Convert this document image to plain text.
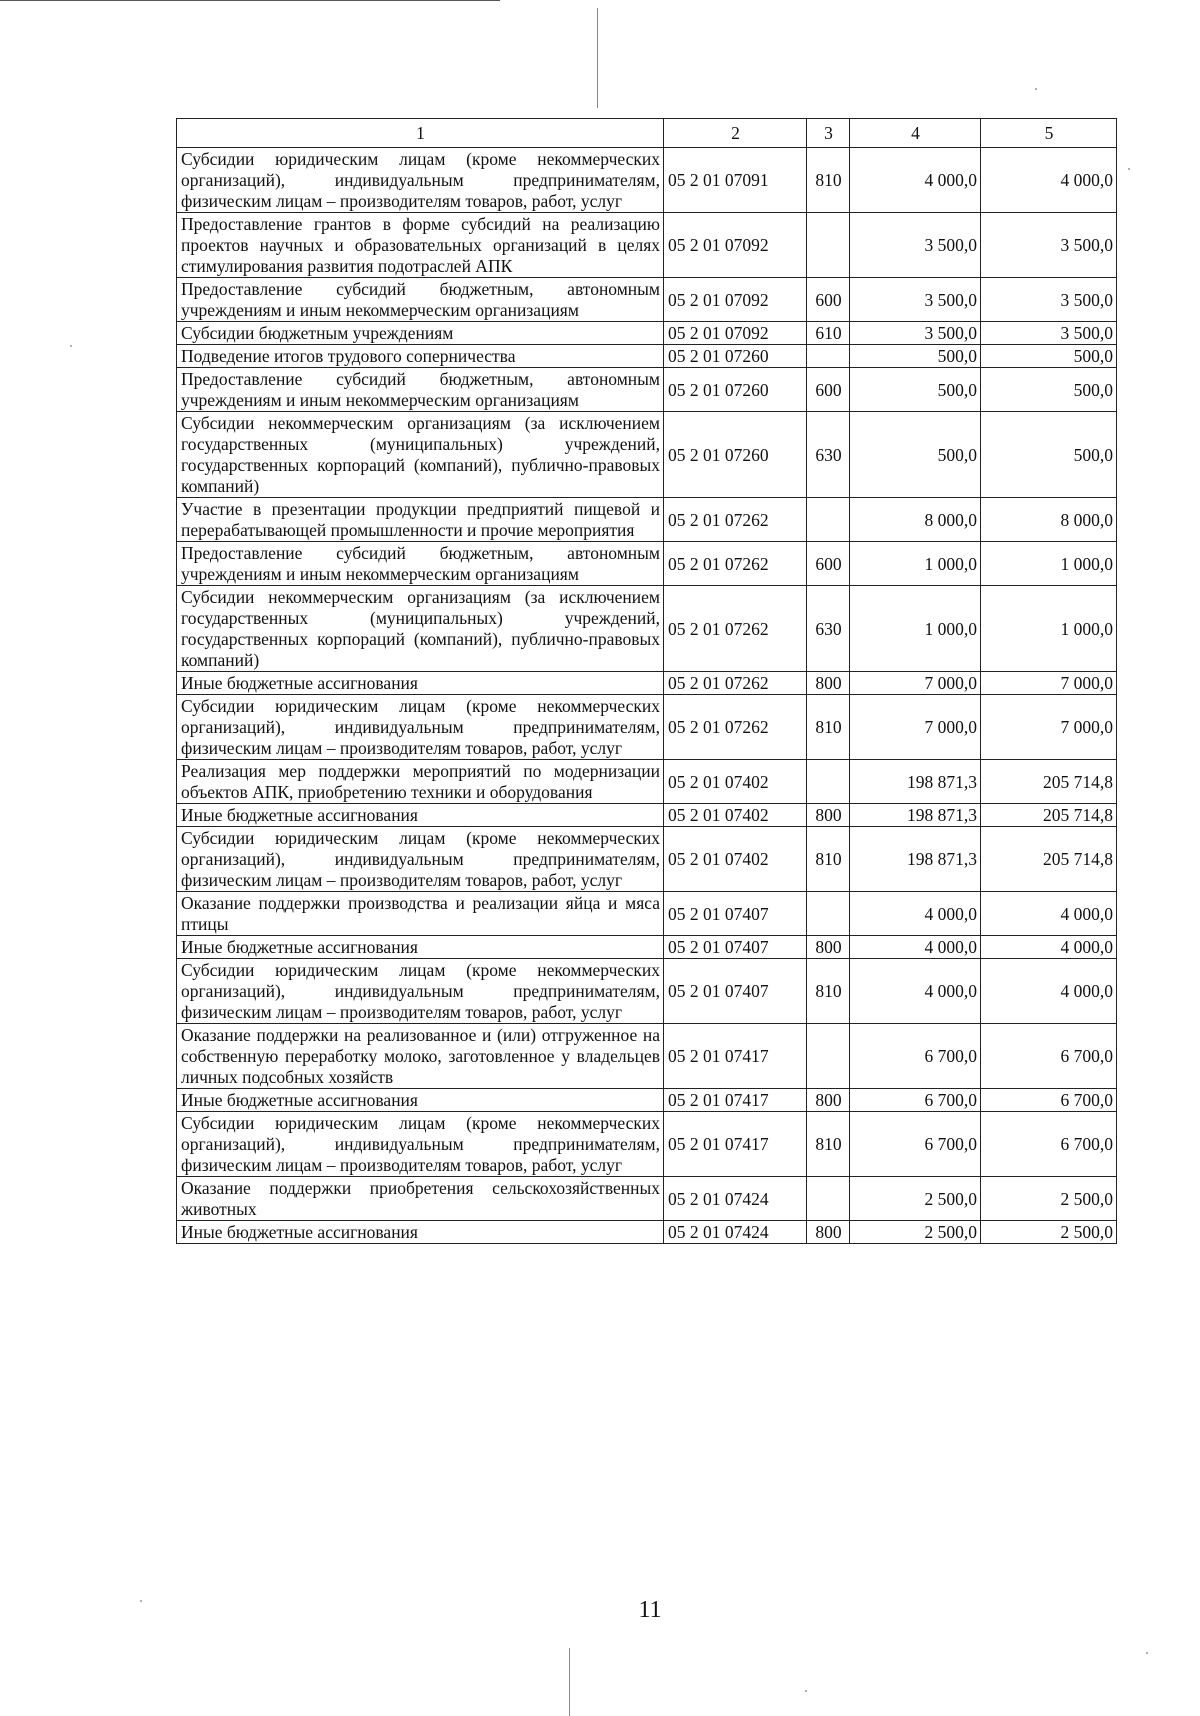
1	2	3	4	5
Субсидии юридическим лицам (кроме некоммерческих организаций), индивидуальным предпринимателям, физическим лицам – производителям товаров, работ, услуг	05 2 01 07091	810	4 000,0	4 000,0
Предоставление грантов в форме субсидий на реализацию проектов научных и образовательных организаций в целях стимулирования развития подотраслей АПК	05 2 01 07092		3 500,0	3 500,0
Предоставление субсидий бюджетным, автономным учреждениям и иным некоммерческим организациям	05 2 01 07092	600	3 500,0	3 500,0
Субсидии бюджетным учреждениям	05 2 01 07092	610	3 500,0	3 500,0
Подведение итогов трудового соперничества	05 2 01 07260		500,0	500,0
Предоставление субсидий бюджетным, автономным учреждениям и иным некоммерческим организациям	05 2 01 07260	600	500,0	500,0
Субсидии некоммерческим организациям (за исключением государственных (муниципальных) учреждений, государственных корпораций (компаний), публично-правовых компаний)	05 2 01 07260	630	500,0	500,0
Участие в презентации продукции предприятий пищевой и перерабатывающей промышленности и прочие мероприятия	05 2 01 07262		8 000,0	8 000,0
Предоставление субсидий бюджетным, автономным учреждениям и иным некоммерческим организациям	05 2 01 07262	600	1 000,0	1 000,0
Субсидии некоммерческим организациям (за исключением государственных (муниципальных) учреждений, государственных корпораций (компаний), публично-правовых компаний)	05 2 01 07262	630	1 000,0	1 000,0
Иные бюджетные ассигнования	05 2 01 07262	800	7 000,0	7 000,0
Субсидии юридическим лицам (кроме некоммерческих организаций), индивидуальным предпринимателям, физическим лицам – производителям товаров, работ, услуг	05 2 01 07262	810	7 000,0	7 000,0
Реализация мер поддержки мероприятий по модернизации объектов АПК, приобретению техники и оборудования	05 2 01 07402		198 871,3	205 714,8
Иные бюджетные ассигнования	05 2 01 07402	800	198 871,3	205 714,8
Субсидии юридическим лицам (кроме некоммерческих организаций), индивидуальным предпринимателям, физическим лицам – производителям товаров, работ, услуг	05 2 01 07402	810	198 871,3	205 714,8
Оказание поддержки производства и реализации яйца и мяса птицы	05 2 01 07407		4 000,0	4 000,0
Иные бюджетные ассигнования	05 2 01 07407	800	4 000,0	4 000,0
Субсидии юридическим лицам (кроме некоммерческих организаций), индивидуальным предпринимателям, физическим лицам – производителям товаров, работ, услуг	05 2 01 07407	810	4 000,0	4 000,0
Оказание поддержки на реализованное и (или) отгруженное на собственную переработку молоко, заготовленное у владельцев личных подсобных хозяйств	05 2 01 07417		6 700,0	6 700,0
Иные бюджетные ассигнования	05 2 01 07417	800	6 700,0	6 700,0
Субсидии юридическим лицам (кроме некоммерческих организаций), индивидуальным предпринимателям, физическим лицам – производителям товаров, работ, услуг	05 2 01 07417	810	6 700,0	6 700,0
Оказание поддержки приобретения сельскохозяйственных животных	05 2 01 07424		2 500,0	2 500,0
Иные бюджетные ассигнования	05 2 01 07424	800	2 500,0	2 500,0
11
